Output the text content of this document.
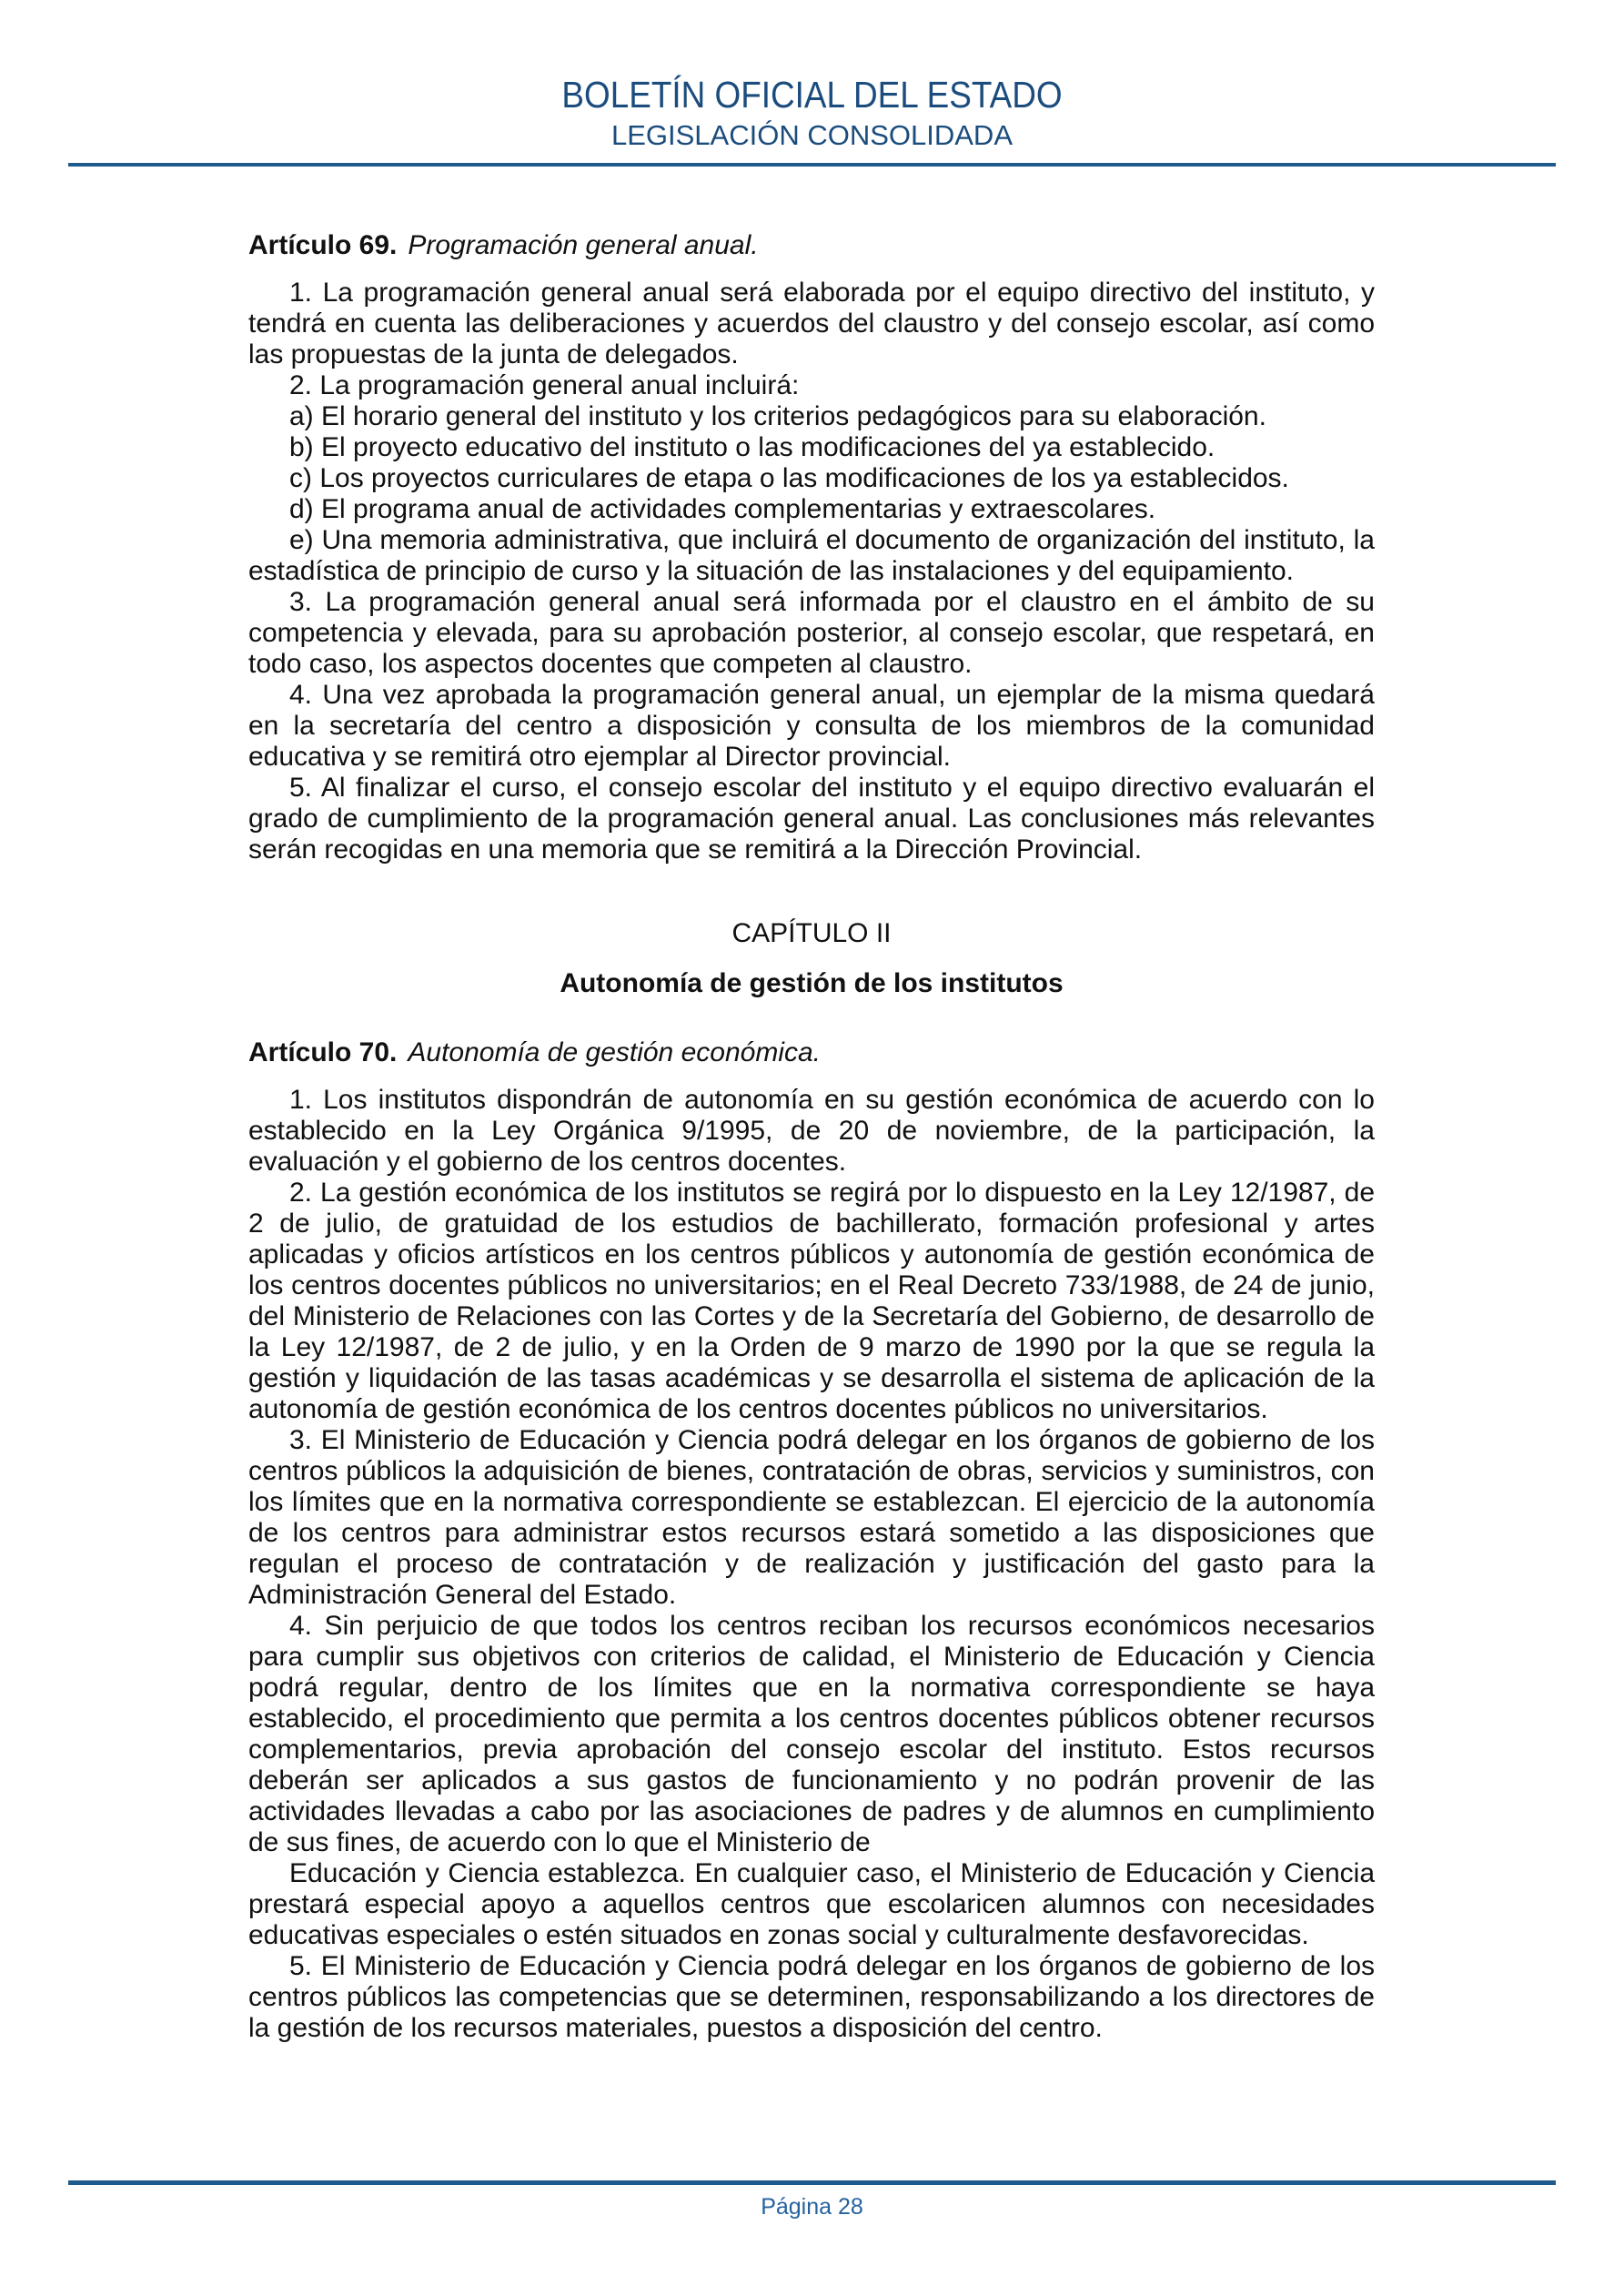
BOLETÍN OFICIAL DEL ESTADO
LEGISLACIÓN CONSOLIDADA
Artículo 69. Programación general anual.

1. La programación general anual será elaborada por el equipo directivo del instituto, y tendrá en cuenta las deliberaciones y acuerdos del claustro y del consejo escolar, así como las propuestas de la junta de delegados.

2. La programación general anual incluirá:

a) El horario general del instituto y los criterios pedagógicos para su elaboración.

b) El proyecto educativo del instituto o las modificaciones del ya establecido.

c) Los proyectos curriculares de etapa o las modificaciones de los ya establecidos.

d) El programa anual de actividades complementarias y extraescolares.

e) Una memoria administrativa, que incluirá el documento de organización del instituto, la estadística de principio de curso y la situación de las instalaciones y del equipamiento.

3. La programación general anual será informada por el claustro en el ámbito de su competencia y elevada, para su aprobación posterior, al consejo escolar, que respetará, en todo caso, los aspectos docentes que competen al claustro.

4. Una vez aprobada la programación general anual, un ejemplar de la misma quedará en la secretaría del centro a disposición y consulta de los miembros de la comunidad educativa y se remitirá otro ejemplar al Director provincial.

5. Al finalizar el curso, el consejo escolar del instituto y el equipo directivo evaluarán el grado de cumplimiento de la programación general anual. Las conclusiones más relevantes serán recogidas en una memoria que se remitirá a la Dirección Provincial.

CAPÍTULO II
Autonomía de gestión de los institutos
Artículo 70. Autonomía de gestión económica.

1. Los institutos dispondrán de autonomía en su gestión económica de acuerdo con lo establecido en la Ley Orgánica 9/1995, de 20 de noviembre, de la participación, la evaluación y el gobierno de los centros docentes.

2. La gestión económica de los institutos se regirá por lo dispuesto en la Ley 12/1987, de 2 de julio, de gratuidad de los estudios de bachillerato, formación profesional y artes aplicadas y oficios artísticos en los centros públicos y autonomía de gestión económica de los centros docentes públicos no universitarios; en el Real Decreto 733/1988, de 24 de junio, del Ministerio de Relaciones con las Cortes y de la Secretaría del Gobierno, de desarrollo de la Ley 12/1987, de 2 de julio, y en la Orden de 9 marzo de 1990 por la que se regula la gestión y liquidación de las tasas académicas y se desarrolla el sistema de aplicación de la autonomía de gestión económica de los centros docentes públicos no universitarios.

3. El Ministerio de Educación y Ciencia podrá delegar en los órganos de gobierno de los centros públicos la adquisición de bienes, contratación de obras, servicios y suministros, con los límites que en la normativa correspondiente se establezcan. El ejercicio de la autonomía de los centros para administrar estos recursos estará sometido a las disposiciones que regulan el proceso de contratación y de realización y justificación del gasto para la Administración General del Estado.

4. Sin perjuicio de que todos los centros reciban los recursos económicos necesarios para cumplir sus objetivos con criterios de calidad, el Ministerio de Educación y Ciencia podrá regular, dentro de los límites que en la normativa correspondiente se haya establecido, el procedimiento que permita a los centros docentes públicos obtener recursos complementarios, previa aprobación del consejo escolar del instituto. Estos recursos deberán ser aplicados a sus gastos de funcionamiento y no podrán provenir de las actividades llevadas a cabo por las asociaciones de padres y de alumnos en cumplimiento de sus fines, de acuerdo con lo que el Ministerio de

Educación y Ciencia establezca. En cualquier caso, el Ministerio de Educación y Ciencia prestará especial apoyo a aquellos centros que escolaricen alumnos con necesidades educativas especiales o estén situados en zonas social y culturalmente desfavorecidas.

5. El Ministerio de Educación y Ciencia podrá delegar en los órganos de gobierno de los centros públicos las competencias que se determinen, responsabilizando a los directores de la gestión de los recursos materiales, puestos a disposición del centro.

Página 28
